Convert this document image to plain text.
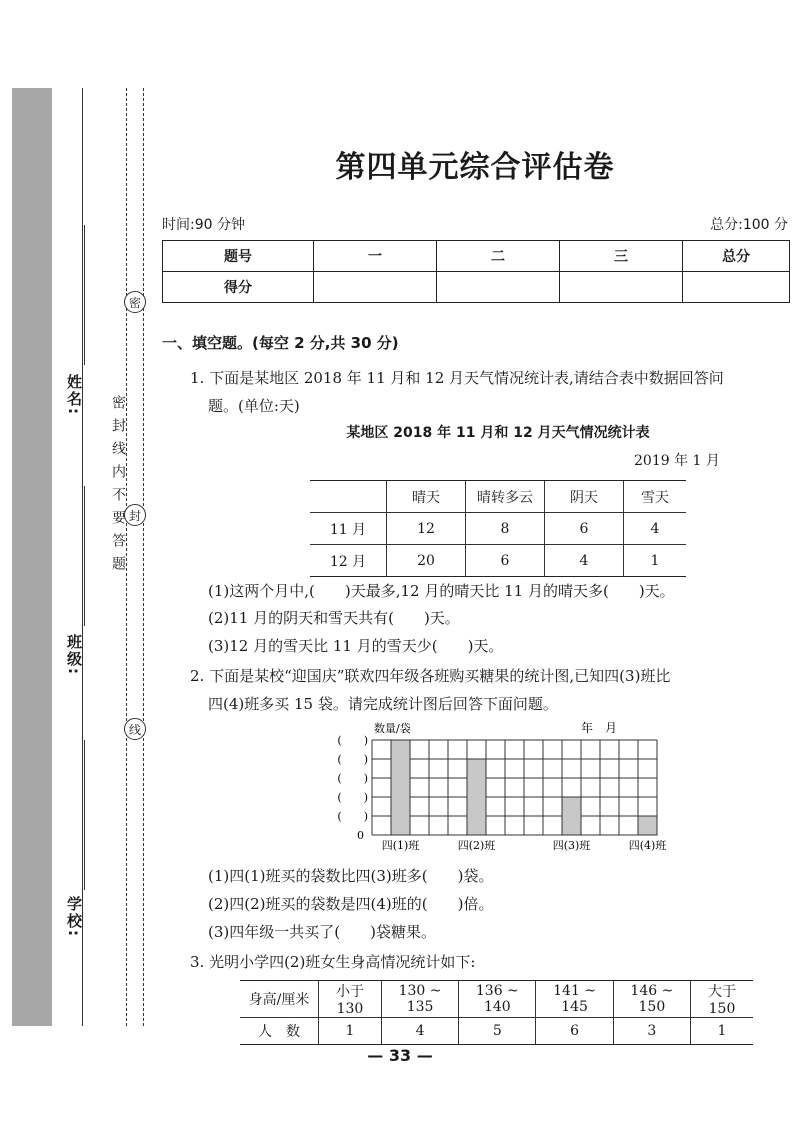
姓名:
班级:
学校:
密
封
线
密封线内不要答题
第四单元综合评估卷
时间:90 分钟	总分:100 分
题号	一	二	三	总分
得分				
一、填空题。(每空 2 分,共 30 分)
1. 下面是某地区 2018 年 11 月和 12 月天气情况统计表,请结合表中数据回答问
题。(单位:天)
某地区 2018 年 11 月和 12 月天气情况统计表
2019 年 1 月
	晴天	晴转多云	阴天	雪天
11 月	12	8	6	4
12 月	20	6	4	1
(1)这两个月中,(　　)天最多,12 月的晴天比 11 月的晴天多(　　)天。
(2)11 月的阴天和雪天共有(　　)天。
(3)12 月的雪天比 11 月的雪天少(　　)天。
2. 下面是某校“迎国庆”联欢四年级各班购买糖果的统计图,已知四(3)班比
四(4)班多买 15 袋。请完成统计图后回答下面问题。
四(1)班	四(2)班	四(3)班	四(4)班
(　　)
(　　)
(　　)
(　　)
(　　)
0
数量/袋	年　月
(1)四(1)班买的袋数比四(3)班多(　　)袋。
(2)四(2)班买的袋数是四(4)班的(　　)倍。
(3)四年级一共买了(　　)袋糖果。
3. 光明小学四(2)班女生身高情况统计如下:
身高/厘米	小于 130	130 ~ 135	136 ~ 140	141 ~ 145	146 ~ 150	大于 150
人　数	1	4	5	6	3	1
— 33 —
